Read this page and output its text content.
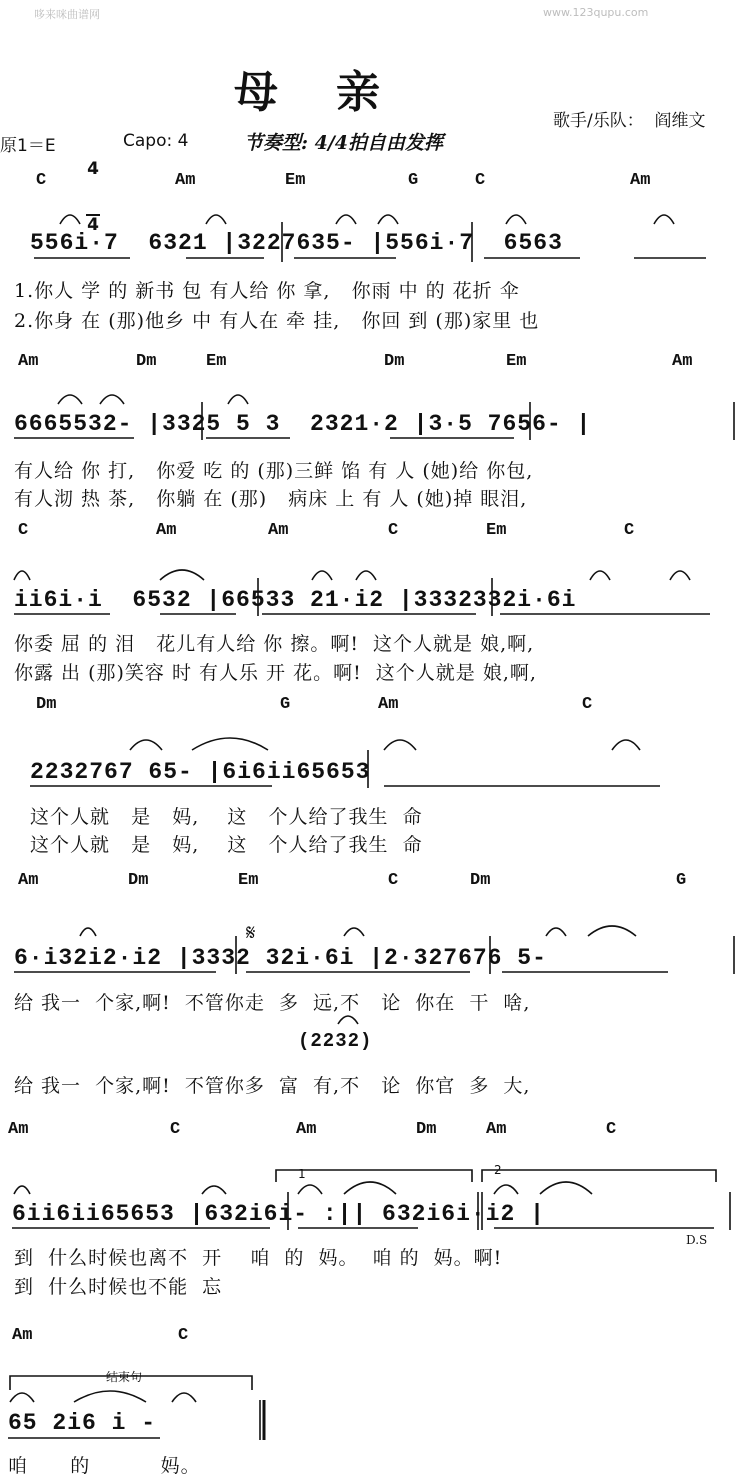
哆来咪曲谱网	www.123qupu.com
母亲
歌手/乐队：  阎维文
原1＝E

4

4

Capo: 4	节奏型: 4/4拍自由发挥
C	Am	Em	G	C	Am
556i·7  6321 |3227635- |556i·7  6563
1.你人 学 的 新书 包 有人给 你 拿,   你雨 中 的 花折 伞
2.你身 在 (那)他乡 中 有人在 牵 挂,   你回 到 (那)家里 也
Am	Dm	Em	Dm	Em	Am
6665532- |3325 5 3  2321·2 |3·5 7656- |
有人给 你 打,   你爱 吃 的 (那)三鲜 馅 有 人 (她)给 你包,
有人沏 热 茶,   你躺 在 (那)   病床 上 有 人 (她)掉 眼泪,
C	Am	Am	C	Em	C
ii6i·i  6532 |66533 21·i2 |3332332i·6i
你委 屈 的 泪   花儿有人给 你 擦。啊!  这个人就是 娘,啊,
你露 出 (那)笑容 时 有人乐 开 花。啊!  这个人就是 娘,啊,
Dm	G	Am	C
2232767 65- |6i6ii65653
这个人就   是   妈,    这   个人给了我生  命
这个人就   是   妈,    这   个人给了我生  命
Am	Dm	Em	C	Dm	G
6·i32i2·i2 |3332 32i·6i |2·327676 5-
给 我一  个家,啊!  不管你走  多  远,不   论  你在  干  啥,
(2232)
给 我一  个家,啊!  不管你多  富  有,不   论  你官  多  大,
Am	C	Am	Dm	Am	C
1	2
6ii6ii65653 |632i6i- :|| 632i6i·i2 |
D.S
到  什么时候也离不  开    咱  的  妈。  咱 的  妈。啊!
到  什么时候也不能  忘
Am	C
结束句
65 2i6 i -
咱      的          妈。
𝄋
